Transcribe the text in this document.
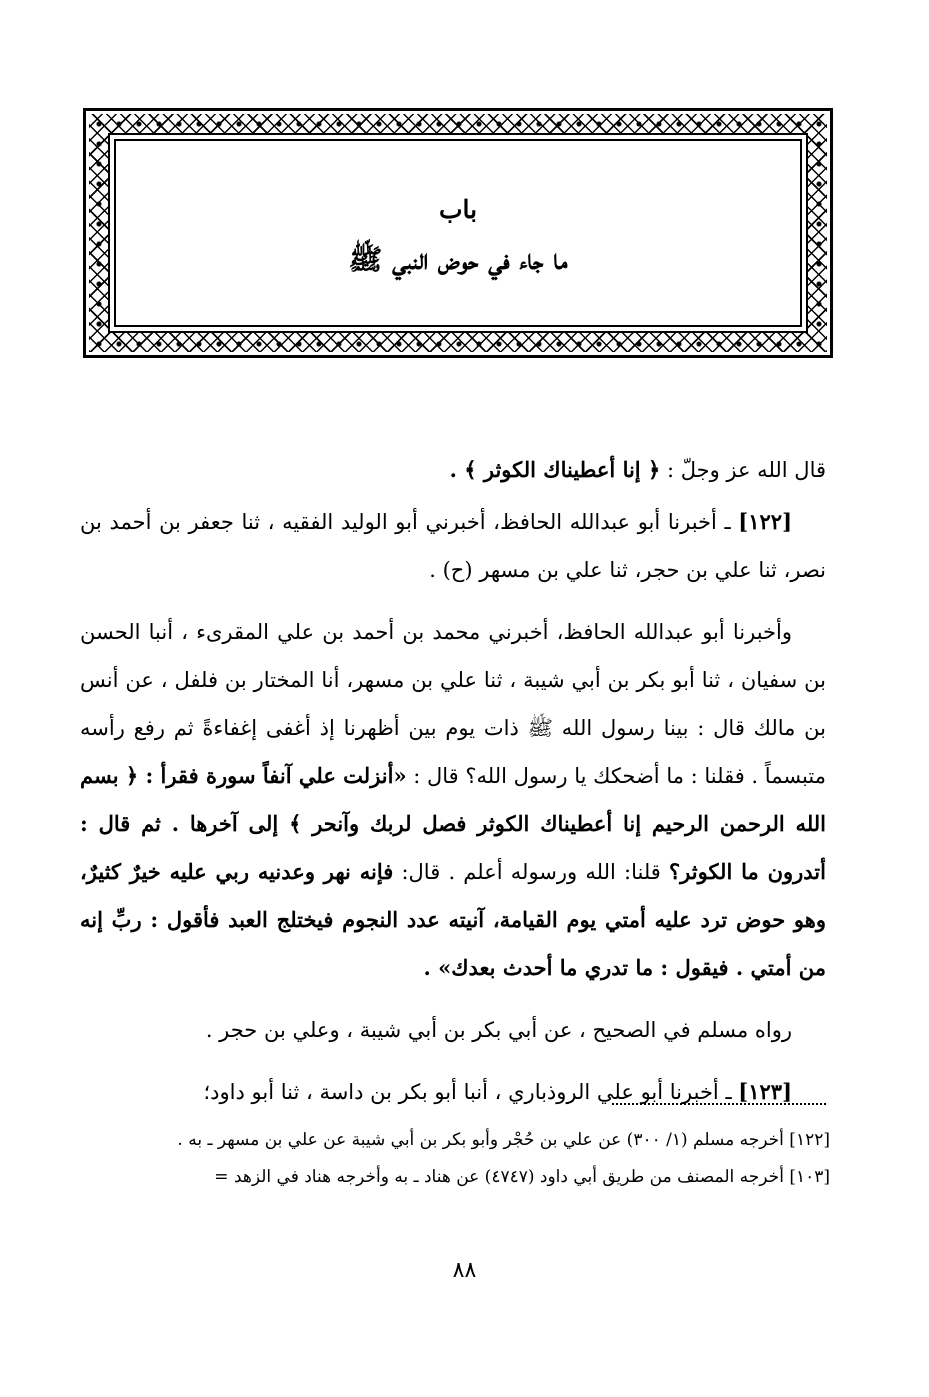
باب
ما جاء في حوض النبي ﷺ

قال الله عز وجلّ : ﴿ إنا أعطيناك الكوثر ﴾ .

[١٢٢] ـ أخبرنا أبو عبدالله الحافظ، أخبرني أبو الوليد الفقيه ، ثنا جعفر بن أحمد بن نصر، ثنا علي بن حجر، ثنا علي بن مسهر (ح) .

وأخبرنا أبو عبدالله الحافظ، أخبرني محمد بن أحمد بن علي المقرىء ، أنبا الحسن بن سفيان ، ثنا أبو بكر بن أبي شيبة ، ثنا علي بن مسهر، أنا المختار بن فلفل ، عن أنس بن مالك قال : بينا رسول الله ﷺ ذات يوم بين أظهرنا إذ أغفى إغفاءةً ثم رفع رأسه متبسماً . فقلنا : ما أضحكك يا رسول الله؟ قال : «أنزلت علي آنفاً سورة فقرأ : ﴿ بسم الله الرحمن الرحيم إنا أعطيناك الكوثر فصل لربك وآنحر ﴾ إلى آخرها . ثم قال : أتدرون ما الكوثر؟ قلنا: الله ورسوله أعلم . قال: فإنه نهر وعدنيه ربي عليه خيرٌ كثيرٌ، وهو حوض ترد عليه أمتي يوم القيامة، آنيته عدد النجوم فيختلج العبد فأقول : ربِّ إنه من أمتي . فيقول : ما تدري ما أحدث بعدك» .

رواه مسلم في الصحيح ، عن أبي بكر بن أبي شيبة ، وعلي بن حجر .

[١٢٣] ـ أخبرنا أبو علي الروذباري ، أنبا أبو بكر بن داسة ، ثنا أبو داود؛

[١٢٢] أخرجه مسلم (١/ ٣٠٠) عن علي بن حُجْر وأبو بكر بن أبي شيبة عن علي بن مسهر ـ به .

[١٠٣] أخرجه المصنف من طريق أبي داود (٤٧٤٧) عن هناد ـ به وأخرجه هناد في الزهد =

٨٨
